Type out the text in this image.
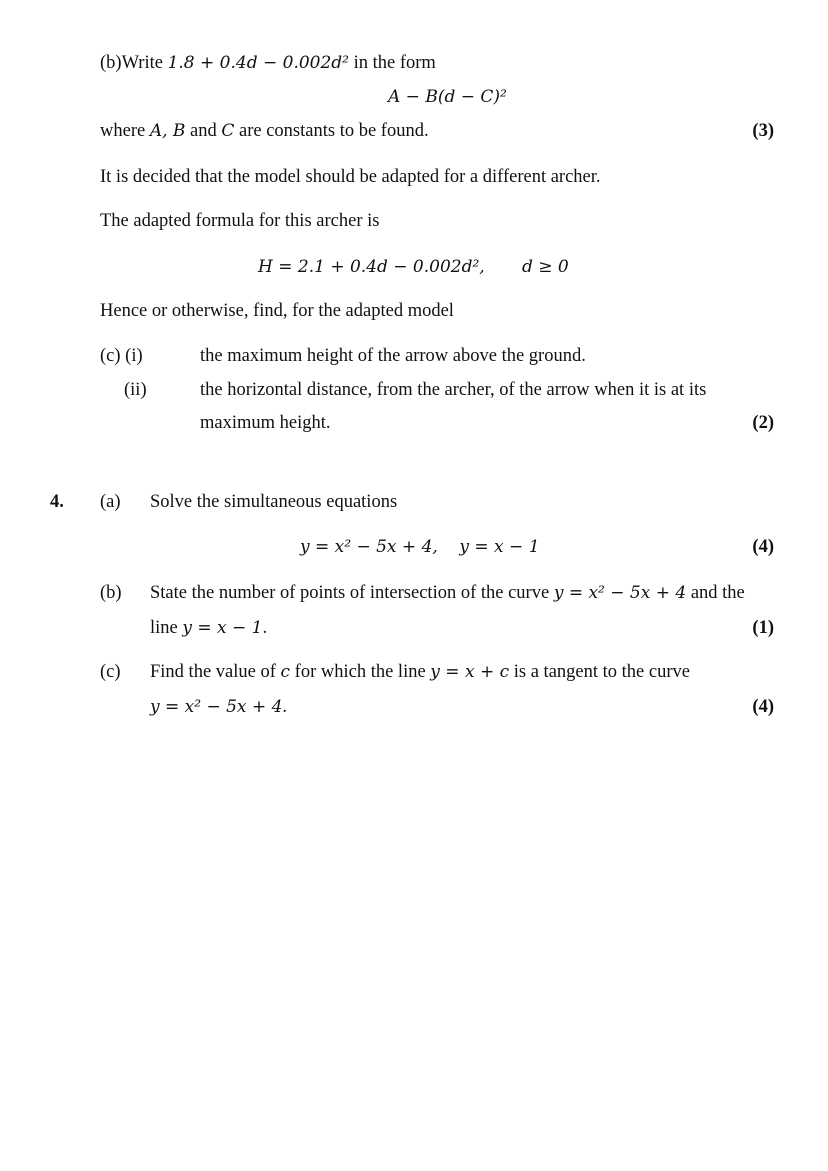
(b)Write 1.8 + 0.4d − 0.002d² in the form
A − B(d − C)²
where A, B and C are constants to be found.	(3)
It is decided that the model should be adapted for a different archer.
The adapted formula for this archer is
H = 2.1 + 0.4d − 0.002d², d ≥ 0
Hence or otherwise, find, for the adapted model
(c) (i)	the maximum height of the arrow above the ground.
(ii)	the horizontal distance, from the archer, of the arrow when it is at its
maximum height.	(2)
4. (a) Solve the simultaneous equations
y = x² − 5x + 4,    y = x − 1	(4)
(b) State the number of points of intersection of the curve y = x² − 5x + 4 and the
line y = x − 1.	(1)
(c) Find the value of c for which the line y = x + c is a tangent to the curve
y = x² − 5x + 4.	(4)
